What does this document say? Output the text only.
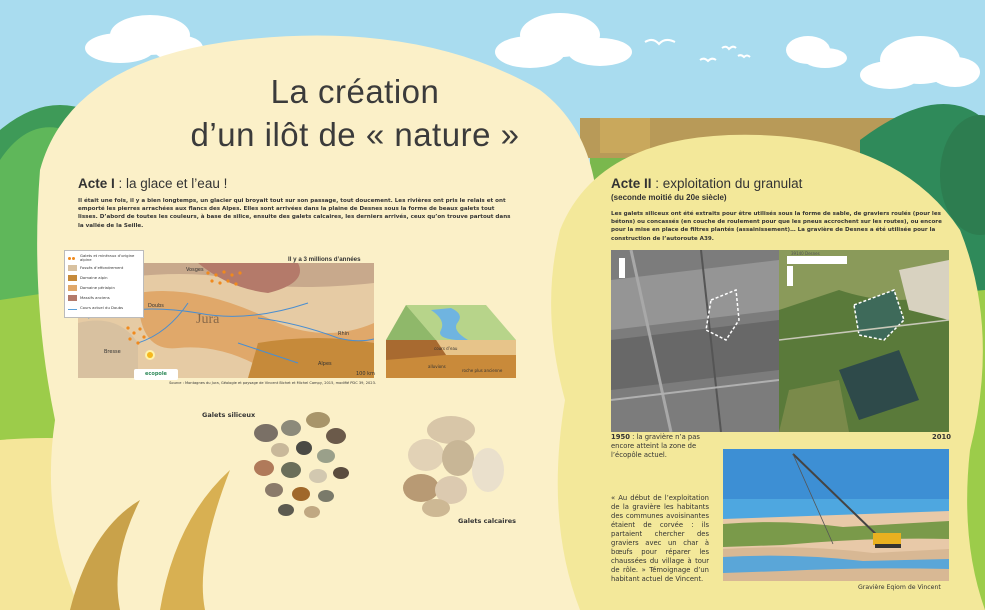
La création
d’un ilôt de « nature »
Acte I : la glace et l’eau !
Il était une fois, il y a bien longtemps, un glacier qui broyait tout sur son passage, tout doucement. Les rivières ont pris le relais et ont emporté les pierres arrachées aux flancs des Alpes. Elles sont arrivées dans la plaine de Desnes sous la forme de beaux galets tout lisses. D’abord de toutes les couleurs, à base de silice, ensuite des galets calcaires, les derniers arrivés, ceux qu’on trouve partout dans la vallée de la Seille.
Vosges
Doubs
Bresse
Jura
Rhin
Alpes
100 km
ecopole
Il y a 3 millions d’années
Source : Montagnes du Jura, Géologie et paysage de Vincent Bichet et Michel Campy, 2015, modifié PDC 39, 2023.
Galets et minéraux d’origine alpine
Fossés d’effondrement
Domaine alpin
Domaine périalpin
Massifs anciens
Cours actuel du Doubs
cours d’eau
alluvions
roche plus ancienne
Galets siliceux
Galets calcaires
Acte II : exploitation du granulat
(seconde moitié du 20e siècle)
Les galets siliceux ont été extraits pour être utilisés sous la forme de sable, de graviers roulés (pour les bétons) ou concassés (en couche de roulement pour que les pneus accrochent sur les routes), ou encore pour la mise en place de filtres plantés (assainissement)… La gravière de Desnes a été utilisée pour la construction de l’autoroute A39.
39140 Desnes
1950 : la gravière n’a pas encore atteint la zone de l’écopôle actuel.
2010
« Au début de l’exploitation de la gravière les habitants des communes avoisinantes étaient de corvée : ils partaient chercher des graviers avec un char à bœufs pour réparer les chaussées du village à tour de rôle. » Témoignage d’un habitant actuel de Vincent.
Gravière Eqiom de Vincent
